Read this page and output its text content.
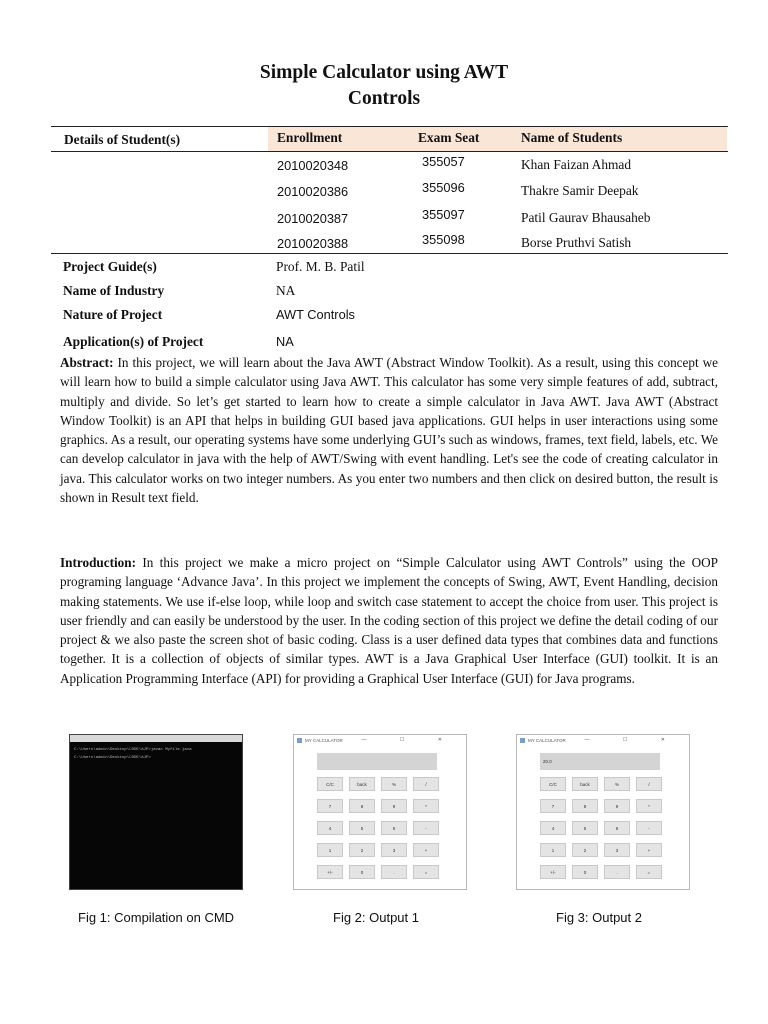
Simple Calculator using AWT
Controls
Details of Student(s)	Enrollment	Exam Seat	Name of Students
2010020348	355057	Khan Faizan Ahmad
2010020386	355096	Thakre Samir Deepak
2010020387	355097	Patil Gaurav Bhausaheb
2010020388	355098	Borse Pruthvi Satish
Project Guide(s)	Prof. M. B. Patil
Name of Industry	NA
Nature of Project	AWT Controls
Application(s) of Project	NA
Abstract: In this project, we will learn about the Java AWT (Abstract Window Toolkit). As a result, using this concept we will learn how to build a simple calculator using Java AWT. This calculator has some very simple features of add, subtract, multiply and divide. So let’s get started to learn how to create a simple calculator in Java AWT. Java AWT (Abstract Window Toolkit) is an API that helps in building GUI based java applications. GUI helps in user interactions using some graphics. As a result, our operating systems have some underlying GUI’s such as windows, frames, text field, labels, etc. We can develop calculator in java with the help of AWT/Swing with event handling. Let's see the code of creating calculator in java. This calculator works on two integer numbers. As you enter two numbers and then click on desired button, the result is shown in Result text field.
Introduction: In this project we make a micro project on “Simple Calculator using AWT Controls” using the OOP programing language ‘Advance Java’. In this project we implement the concepts of Swing, AWT, Event Handling, decision making statements. We use if-else loop, while loop and switch case statement to accept the choice from user. This project is user friendly and can easily be understood by the user. In the coding section of this project we define the detail coding of our project & we also paste the screen shot of basic coding. Class is a user defined data types that combines data and functions together. It is a collection of objects of similar types. AWT is a Java Graphical User Interface (GUI) toolkit. It is an Application Programming Interface (API) for providing a Graphical User Interface (GUI) for Java programs.
C:\Users\admin\Desktop\CODE\AJP>javac Myfile.java
C:\Users\admin\Desktop\CODE\AJP>
MY CALCULATOR	— ☐ ✕
C/C	back	%	/
7	8	9	*
4	5	6	-
1	2	3	+
+/-	0	.	=
MY CALCULATOR	— ☐ ✕
20.0
C/C	back	%	/
7	8	9	*
4	5	6	-
1	2	3	+
+/-	0	.	=
Fig 1: Compilation on CMD	Fig 2: Output 1	Fig 3: Output 2
